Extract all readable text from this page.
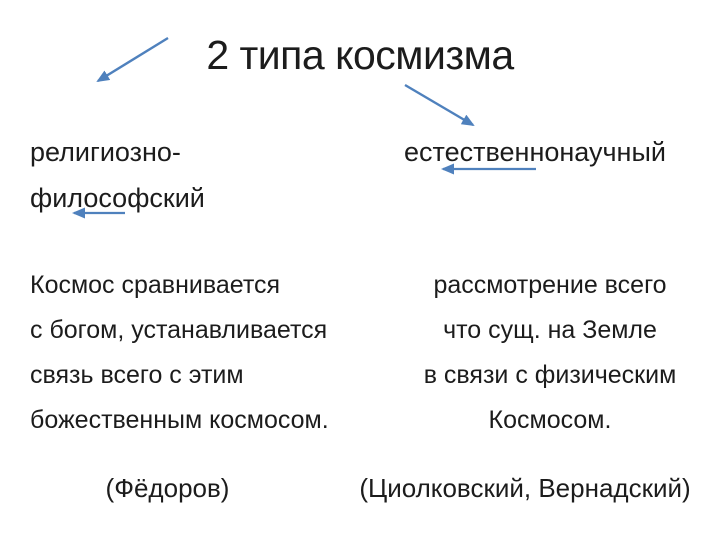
2 типа космизма
религиозно-
философский
естественнонаучный
Космос сравнивается
с богом, устанавливается
связь всего с этим
божественным космосом.
рассмотрение всего
что сущ. на Земле
в связи с физическим
Космосом.
(Фёдоров)	(Циолковский, Вернадский)
